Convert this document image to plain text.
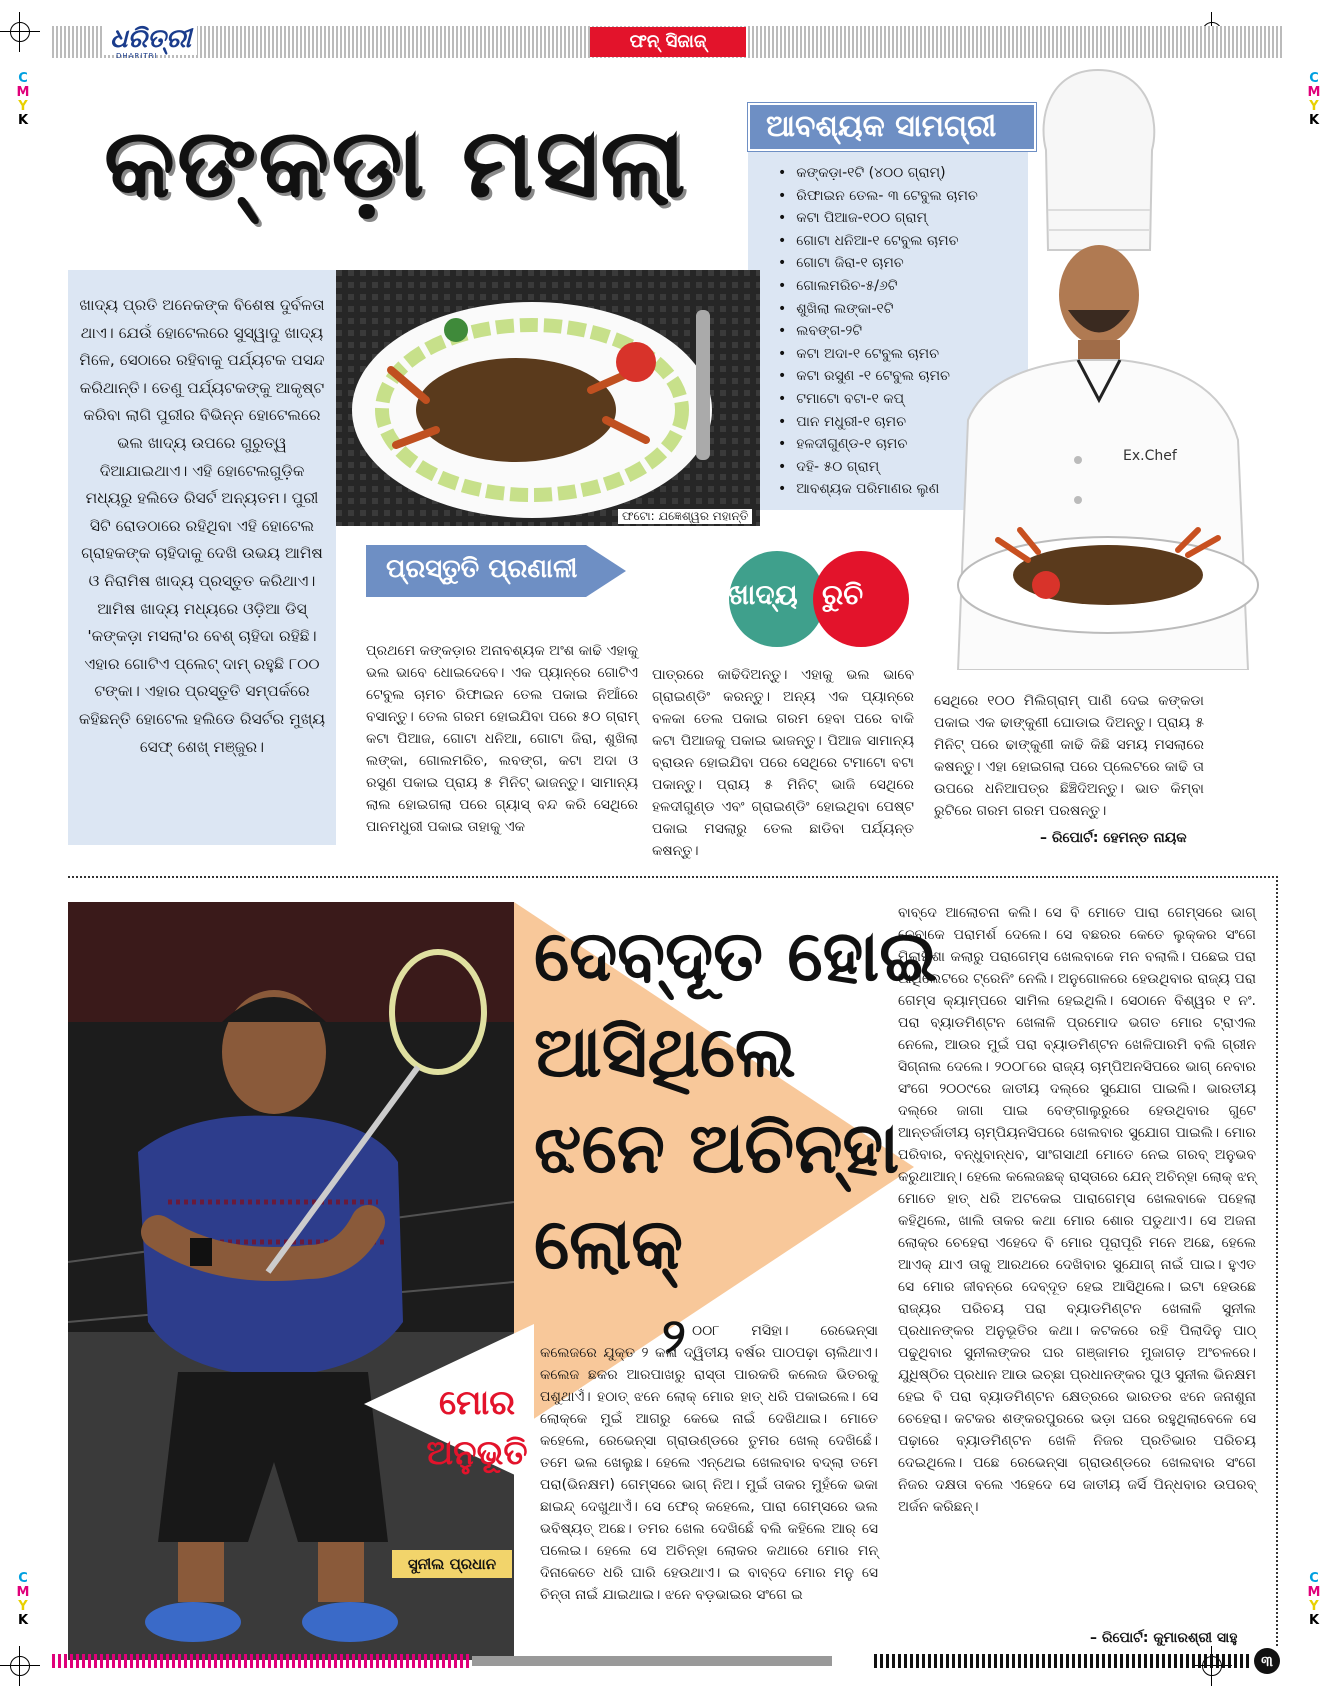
C
M
Y
K
C
M
Y
K
C
M
Y
K
C
M
Y
K
ଧରିତ୍ରୀ
DHARITRI
ଫନ୍ ସିଜାଜ୍
କଙ୍କଡ଼ା ମସଲା	ଆବଶ୍ୟକ ସାମଗ୍ରୀ
• କଙ୍କଡ଼ା-୧ଟି (୪୦୦ ଗ୍ରାମ୍)
• ରିଫାଇନ ତେଲ- ୩ ଟେବୁଲ ଚାମଚ
• କଟା ପିଆଜ-୧୦୦ ଗ୍ରାମ୍
• ଗୋଟା ଧନିଆ-୧ ଟେବୁଲ ଚାମଚ
• ଗୋଟା ଜିରା-୧ ଚାମଚ
• ଗୋଲମରିଚ-୫/୬ଟି
• ଶୁଖିଲା ଲଙ୍କା-୧ଟି
• ଲବଙ୍ଗ-୨ଟି
• କଟା ଅଦା-୧ ଟେବୁଲ ଚାମଚ
• କଟା ରସୁଣ -୧ ଟେବୁଲ ଚାମଚ
• ଟମାଟୋ ବଟା-୧ କପ୍
• ପାନ ମଧୁରୀ-୧ ଚାମଚ
• ହଳଦୀଗୁଣ୍ଡ-୧ ଚାମଚ
• ଦହି- ୫୦ ଗ୍ରାମ୍
• ଆବଶ୍ୟକ ପରିମାଣର ଲୁଣ
Ex.Chef
ଖାଦ୍ୟ ପ୍ରତି ଅନେକଙ୍କ ବିଶେଷ ଦୁର୍ବଳତା ଥାଏ। ଯେଉଁ ହୋଟେଲରେ ସୁସ୍ୱାଦୁ ଖାଦ୍ୟ ମିଳେ, ସେଠାରେ ରହିବାକୁ ପର୍ଯ୍ୟଟକ ପସନ୍ଦ କରିଥାନ୍ତି। ତେଣୁ ପର୍ଯ୍ୟଟକଙ୍କୁ ଆକୃଷ୍ଟ କରିବା ଲାଗି ପୁରୀର ବିଭିନ୍ନ ହୋଟେଲରେ ଭଲ ଖାଦ୍ୟ ଉପରେ ଗୁରୁତ୍ୱ ଦିଆଯାଇଥାଏ। ଏହି ହୋଟେଲଗୁଡ଼ିକ ମଧ୍ୟରୁ ହଲିଡେ ରିସର୍ଟ ଅନ୍ୟତମ। ପୁରୀ ସିଟି ରୋଡଠାରେ ରହିଥିବା ଏହି ହୋଟେଲ ଗ୍ରାହକଙ୍କ ଚାହିଦାକୁ ଦେଖି ଉଭୟ ଆମିଷ ଓ ନିରାମିଷ ଖାଦ୍ୟ ପ୍ରସ୍ତୁତ କରିଥାଏ। ଆମିଷ ଖାଦ୍ୟ ମଧ୍ୟରେ ଓଡ଼ିଆ ଡିସ୍ 'କଙ୍କଡ଼ା ମସଲା'ର ବେଶ୍ ଚାହିଦା ରହିଛି। ଏହାର ଗୋଟିଏ ପ୍ଲେଟ୍ ଦାମ୍ ରହୁଛି ୮୦୦ ଟଙ୍କା। ଏହାର ପ୍ରସ୍ତୁତି ସମ୍ପର୍କରେ କହିଛନ୍ତି ହୋଟେଲ ହଲିଡେ ରିସର୍ଟର ମୁଖ୍ୟ ସେଫ୍ ଶେଖ୍ ମଞ୍ଜୁର।
ଫଟୋ: ଯଜ୍ଞେଶ୍ୱର ମହାନ୍ତି
ପ୍ରସ୍ତୁତି ପ୍ରଣାଳୀ
ଖାଦ୍ୟ ରୁଚି
ପ୍ରଥମେ କଙ୍କଡ଼ାର ଅନାବଶ୍ୟକ ଅଂଶ କାଢି ଏହାକୁ ଭଲ ଭାବେ ଧୋଇଦେବେ। ଏକ ପ୍ୟାନ୍‌ରେ ଗୋଟିଏ ଟେବୁଲ ଚାମଚ ରିଫାଇନ ତେଲ ପକାଇ ନିଆଁରେ ବସାନ୍ତୁ। ତେଲ ଗରମ ହୋଇଯିବା ପରେ ୫୦ ଗ୍ରାମ୍ କଟା ପିଆଜ, ଗୋଟା ଧନିଆ, ଗୋଟା ଜିରା, ଶୁଖିଲା ଲଙ୍କା, ଗୋଲମରିଚ, ଲବଙ୍ଗ, କଟା ଅଦା ଓ ରସୁଣ ପକାଇ ପ୍ରାୟ ୫ ମିନିଟ୍ ଭାଜନ୍ତୁ। ସାମାନ୍ୟ ଲାଲ ହୋଇଗଲା ପରେ ଗ୍ୟାସ୍ ବନ୍ଦ କରି ସେଥିରେ ପାନମଧୁରୀ ପକାଇ ତାହାକୁ ଏକ
ପାତ୍ରରେ କାଢିଦିଅନ୍ତୁ। ଏହାକୁ ଭଲ ଭାବେ ଗ୍ରାଇଣ୍ଡିଂ କରନ୍ତୁ। ଅନ୍ୟ ଏକ ପ୍ୟାନ୍‌ରେ ବଳକା ତେଲ ପକାଇ ଗରମ ହେବା ପରେ ବାକି କଟା ପିଆଜକୁ ପକାଇ ଭାଜନ୍ତୁ। ପିଆଜ ସାମାନ୍ୟ ବ୍ରାଉନ ହୋଇଯିବା ପରେ ସେଥିରେ ଟମାଟୋ ବଟା ପକାନ୍ତୁ। ପ୍ରାୟ ୫ ମିନିଟ୍ ଭାଜି ସେଥିରେ ହଳଦୀଗୁଣ୍ଡ ଏବଂ ଗ୍ରାଇଣ୍ଡିଂ ହୋଇଥିବା ପେଷ୍ଟ ପକାଇ ମସଲାରୁ ତେଲ ଛାଡିବା ପର୍ଯ୍ୟନ୍ତ କଷନ୍ତୁ।
ସେଥିରେ ୧୦୦ ମିଲିଗ୍ରାମ୍ ପାଣି ଦେଇ କଙ୍କଡା ପକାଇ ଏକ ଢାଙ୍କୁଣୀ ଘୋଡାଇ ଦିଅନ୍ତୁ। ପ୍ରାୟ ୫ ମିନିଟ୍ ପରେ ଢାଙ୍କୁଣୀ କାଢି କିଛି ସମୟ ମସଲାରେ କଷନ୍ତୁ। ଏହା ହୋଇଗଲା ପରେ ପ୍ଲେଟରେ କାଢି ତା ଉପରେ ଧନିଆପତ୍ର ଛିଞ୍ଚିଦିଅନ୍ତୁ। ଭାତ କିମ୍ବା ରୁଟିରେ ଗରମ ଗରମ ପରଷନ୍ତୁ।
– ରିପୋର୍ଟ: ହେମନ୍ତ ନାୟକ
ଦେବ୍‌ଦୂତ ହୋଇ
ଆସିଥିଲେ
ଝନେ ଅଚିନ୍ହା
ଲୋକ୍
ମୋର
ଅନୁଭୂତି
ସୁନୀଲ ପ୍ରଧାନ
୨ ୦୦୮ ମସିହା। ରେଭେନ୍ସା କଲେଜରେ ଯୁକ୍ତ ୨ କଳା ଦ୍ୱିତୀୟ ବର୍ଷର ପାଠପଢ଼ା ଚାଲିଥାଏ। କଲେଜ ଛକର ଆରପାଖରୁ ରାସ୍ତା ପାରକରି କଲେଜ ଭିତରକୁ ପଶୁଥାଏଁ। ହଠାତ୍ ଝନେ ଲୋକ୍ ମୋର ହାତ୍ ଧରି ପକାଇଲେ। ସେ ଲୋକ୍‌କେ ମୁଇଁ ଆଗରୁ କେଭେ ନାଇଁ ଦେଖିଥାଇ। ମୋତେ କହେଲେ, ରେଭେନ୍ସା ଗ୍ରାଉଣ୍ଡରେ ତୁମର ଖେଲ୍ ଦେଖିଛେଁ। ତମେ ଭଲ ଖେଲୁଛ। ହେଲେ ଏନ୍‌ଥେଇ ଖେଲବାର ବଦ୍‌ଲା ତମେ ପରା(ଭିନକ୍ଷମ) ଗେମ୍ସରେ ଭାଗ୍ ନିଅ। ମୁଇଁ ତାକର ମୁହଁକେ ଭକା ଛାଇନ୍ଦ୍ ଦେଖୁଥାଏଁ। ସେ ଫେର୍ କହେଲେ, ପାରା ଗେମ୍ସରେ ଭଲ ଭବିଷ୍ୟତ୍ ଅଛେ। ତମର ଖେଲ ଦେଖିଛେଁ ବଲି କହିଲେ ଆର୍ ସେ ପଲେଇ। ହେଲେ ସେ ଅଚିନ୍ହା ଲୋକର କଥାରେ ମୋର ମନ୍ ଦିନାକେତେ ଧରି ଘାରି ହେଉଥାଏ। ଇ ବାବ୍‌ଦେ ମୋର ମନୁ ସେ ଚିନ୍ତା ନାଇଁ ଯାଇଥାଇ। ଝନେ ବଡ଼ଭାଇର ସଂଗେ ଇ
ବାବ୍‌ଦେ ଆଲୋଚନା କଲି। ସେ ବି ମୋତେ ପାରା ଗେମ୍ସରେ ଭାଗ୍ ନେବାକେ ପରାମର୍ଶ ଦେଲେ। ସେ ବଛରର କେତେ ଲୁକ୍‌କର ସଂଗେ ମିଲାମିଶା କଲାରୁ ପରାଗେମ୍ସ ଖେଲବାକେ ମନ ବଲାଲି। ପଛେଇ ପରା ଆଥିଲେଟରେ ଟ୍ରେନିଂ ନେଲି। ଅନୁଗୋଳରେ ହେଉଥିବାର ରାଜ୍ୟ ପରା ଗେମ୍ସ କ୍ୟାମ୍ପରେ ସାମିଲ ହେଇଥିଲି। ସେଠାନେ ବିଶ୍ୱର ୧ ନଂ. ପରା ବ୍ୟାଡମିଣ୍ଟନ ଖେଳାଳି ପ୍ରମୋଦ ଭଗତ ମୋର ଟ୍ରାଏଲ ନେଲେ, ଆଉର ମୁଇଁ ପରା ବ୍ୟାଡମିଣ୍ଟନ ଖେଳିପାରମି ବଲି ଗ୍ରୀନ ସିଗ୍‌ନାଲ ଦେଲେ। ୨୦୦୮ରେ ରାଜ୍ୟ ଚାମ୍ପିଅନସିପରେ ଭାଗ୍ ନେବାର ସଂଗେ ୨୦୦୯ରେ ଜାତୀୟ ଦଲ୍‌ରେ ସୁଯୋଗ ପାଇଲି। ଭାରତୀୟ ଦଲ୍‌ରେ ଜାଗା ପାଇ ବେଙ୍ଗାଲୁରୁରେ ହେଉଥିବାର ଗୁଟେ ଆନ୍ତର୍ଜାତୀୟ ଚାମ୍ପିୟନସିପରେ ଖେଲବାର ସୁଯୋଗ ପାଇଲି। ମୋର ପରିବାର, ବନ୍ଧୁବାନ୍ଧବ, ସାଂଗସାଥୀ ମୋତେ ନେଇ ଗରବ୍ ଅନୁଭବ କରୁଥାଆନ୍। ହେଲେ କଲେଜଛକ୍ ରାସ୍ତାରେ ଯେନ୍ ଅଚିନ୍ହା ଲୋକ୍ ଝନ୍ ମୋତେ ହାତ୍ ଧରି ଅଟକେଇ ପାରାଗେମ୍ସ ଖେଲବାକେ ପହେଲା କହିଥିଲେ, ଖାଲି ତାକର କଥା ମୋର ଶୋର ପଡୁଥାଏ। ସେ ଅଜନା ଲୋକ୍‌ର ଚେହେରା ଏହେଦେ ବି ମୋର ପୂରାପୂରି ମନେ ଅଛେ, ହେଲେ ଆଏକ୍ ଯାଏ ତାକୁ ଆରଥରେ ଦେଖିବାର ସୁଯୋଗ୍ ନାଇଁ ପାଇ। ହୁଏତ ସେ ମୋର ଜୀବନ୍‌ରେ ଦେବ୍‌ଦୂତ ହେଇ ଆସିଥିଲେ। ଇଟା ହେଉଛେ ରାଜ୍ୟର ପରିଚୟ ପରା ବ୍ୟାଡମିଣ୍ଟନ ଖେଳାଳି ସୁନୀଲ ପ୍ରଧାନଙ୍କର ଅନୁଭୂତିର କଥା। କଟକରେ ରହି ପିଲାଦିନୁ ପାଠ୍ ପଢୁଥିବାର ସୁନୀଲଙ୍କର ଘର ଗଞ୍ଜାମର ମୁଜାଗଡ଼ ଅଂଚଳରେ। ଯୁଧିଷ୍ଠିର ପ୍ରଧାନ ଆଉ ଇଚ୍ଛା ପ୍ରଧାନଙ୍କର ପୁଓ ସୁନୀଲ ଭିନକ୍ଷମ ହେଇ ବି ପରା ବ୍ୟାଡମିଣ୍ଟନ କ୍ଷେତ୍ରରେ ଭାରତର ଝନେ ଜନାଶୁନା ଚେହେରା। କଟକର ଶଙ୍କରପୁରରେ ଭଡ଼ା ଘରେ ରହୁଥିଲାବେଳେ ସେ ପଢ଼ାରେ ବ୍ୟାଡମିଣ୍ଟନ ଖେଳି ନିଜର ପ୍ରତିଭାର ପରିଚୟ ଦେଇଥିଲେ। ପଛେ ରେଭେନ୍ସା ଗ୍ରାଉଣ୍ଡରେ ଖେଲବାର ସଂଗେ ନିଜର ଦକ୍ଷତା ବଲେ ଏହେଦେ ସେ ଜାତୀୟ ଜର୍ସି ପିନ୍ଧବାର ଉପରବ୍ ଅର୍ଜନ କରିଛନ୍।
– ରିପୋର୍ଟ: କୁମାରଶ୍ରୀ ସାହୁ
୩
